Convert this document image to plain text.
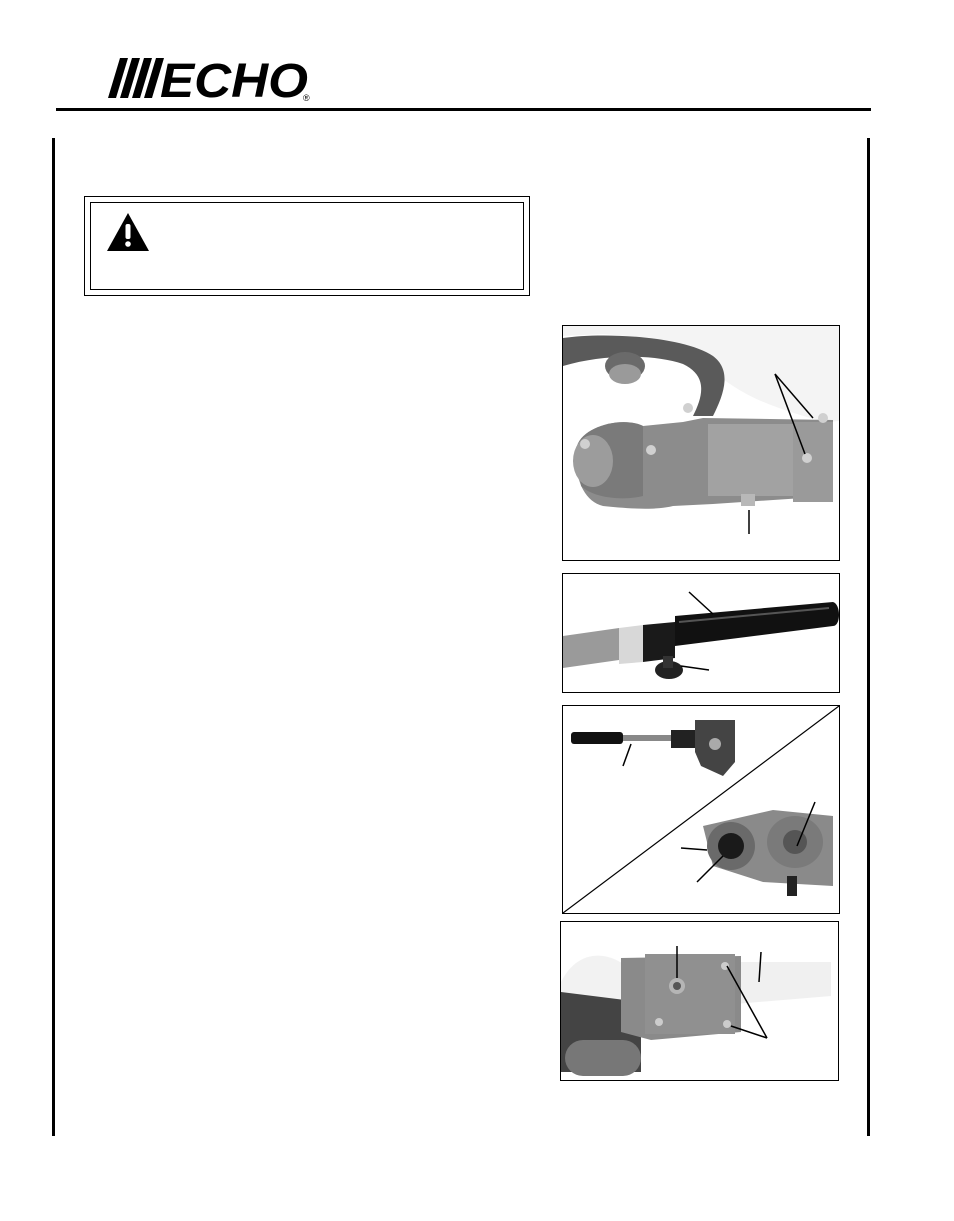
ECHO
®
